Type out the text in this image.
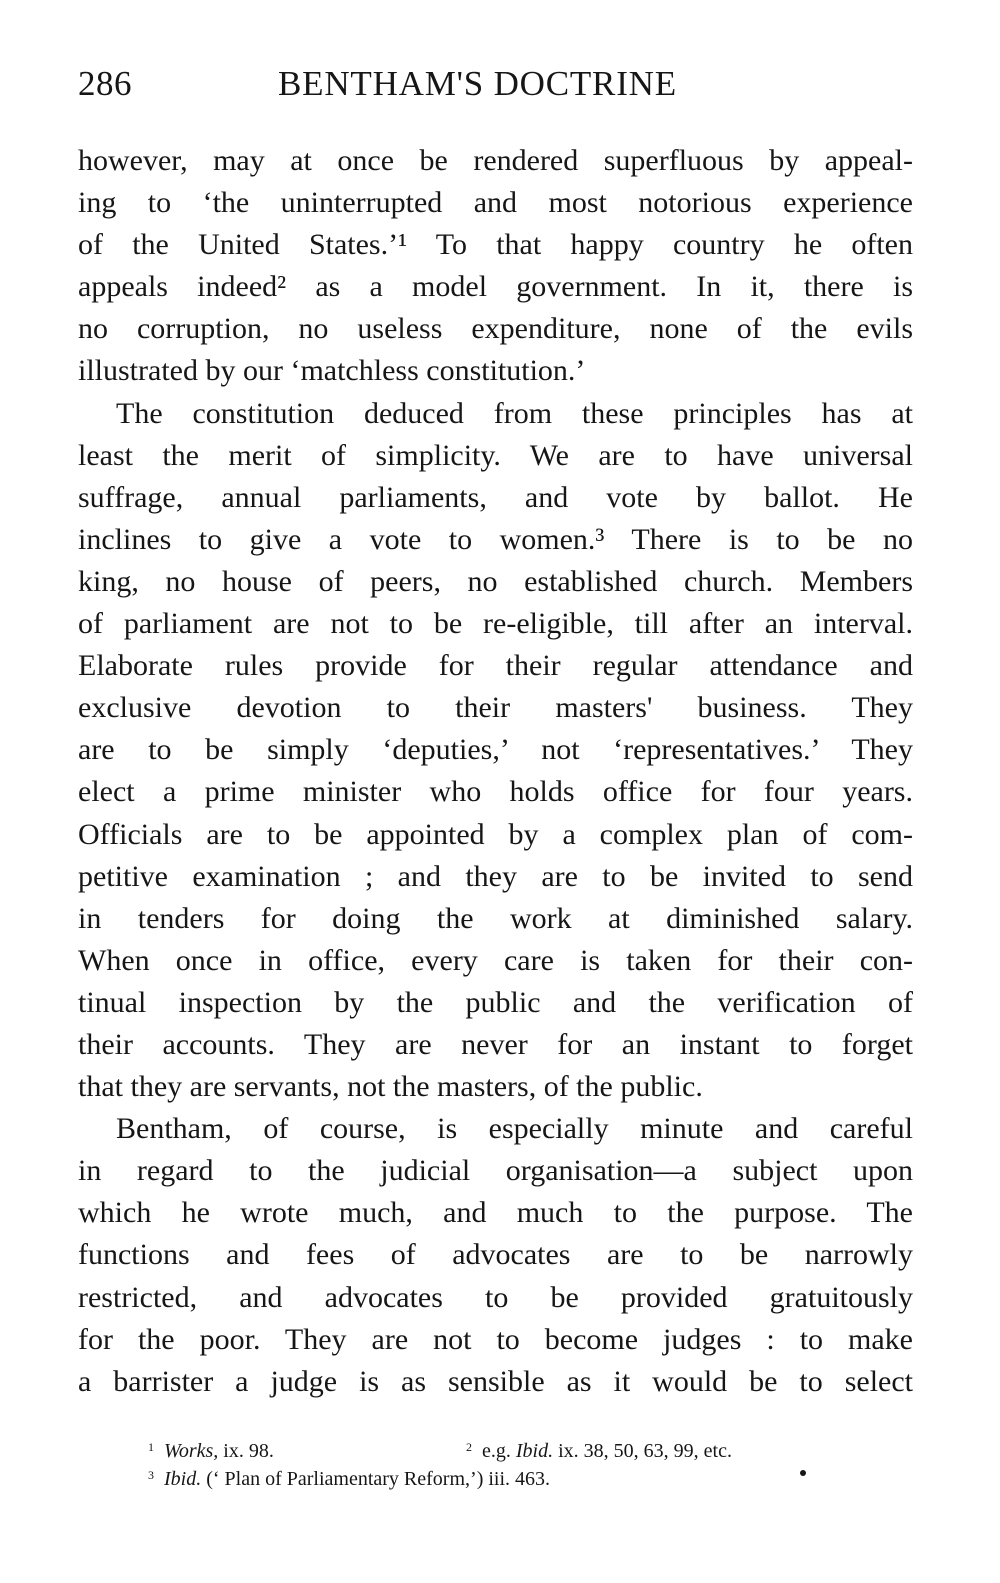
286	BENTHAM'S DOCTRINE
however, may at once be rendered superfluous by appeal-
ing to ‘the uninterrupted and most notorious experience
of the United States.’¹ To that happy country he often
appeals indeed² as a model government. In it, there is
no corruption, no useless expenditure, none of the evils
illustrated by our ‘matchless constitution.’
The constitution deduced from these principles has at
least the merit of simplicity. We are to have universal
suffrage, annual parliaments, and vote by ballot. He
inclines to give a vote to women.³ There is to be no
king, no house of peers, no established church. Members
of parliament are not to be re-eligible, till after an interval.
Elaborate rules provide for their regular attendance and
exclusive devotion to their masters' business. They
are to be simply ‘deputies,’ not ‘representatives.’ They
elect a prime minister who holds office for four years.
Officials are to be appointed by a complex plan of com-
petitive examination ; and they are to be invited to send
in tenders for doing the work at diminished salary.
When once in office, every care is taken for their con-
tinual inspection by the public and the verification of
their accounts. They are never for an instant to forget
that they are servants, not the masters, of the public.
Bentham, of course, is especially minute and careful
in regard to the judicial organisation—a subject upon
which he wrote much, and much to the purpose. The
functions and fees of advocates are to be narrowly
restricted, and advocates to be provided gratuitously
for the poor. They are not to become judges : to make
a barrister a judge is as sensible as it would be to select
$^1$ Works, ix. 98.	$^2$ e.g. Ibid. ix. 38, 50, 63, 99, etc.
$^3$ Ibid. (‘ Plan of Parliamentary Reform,’) iii. 463.
